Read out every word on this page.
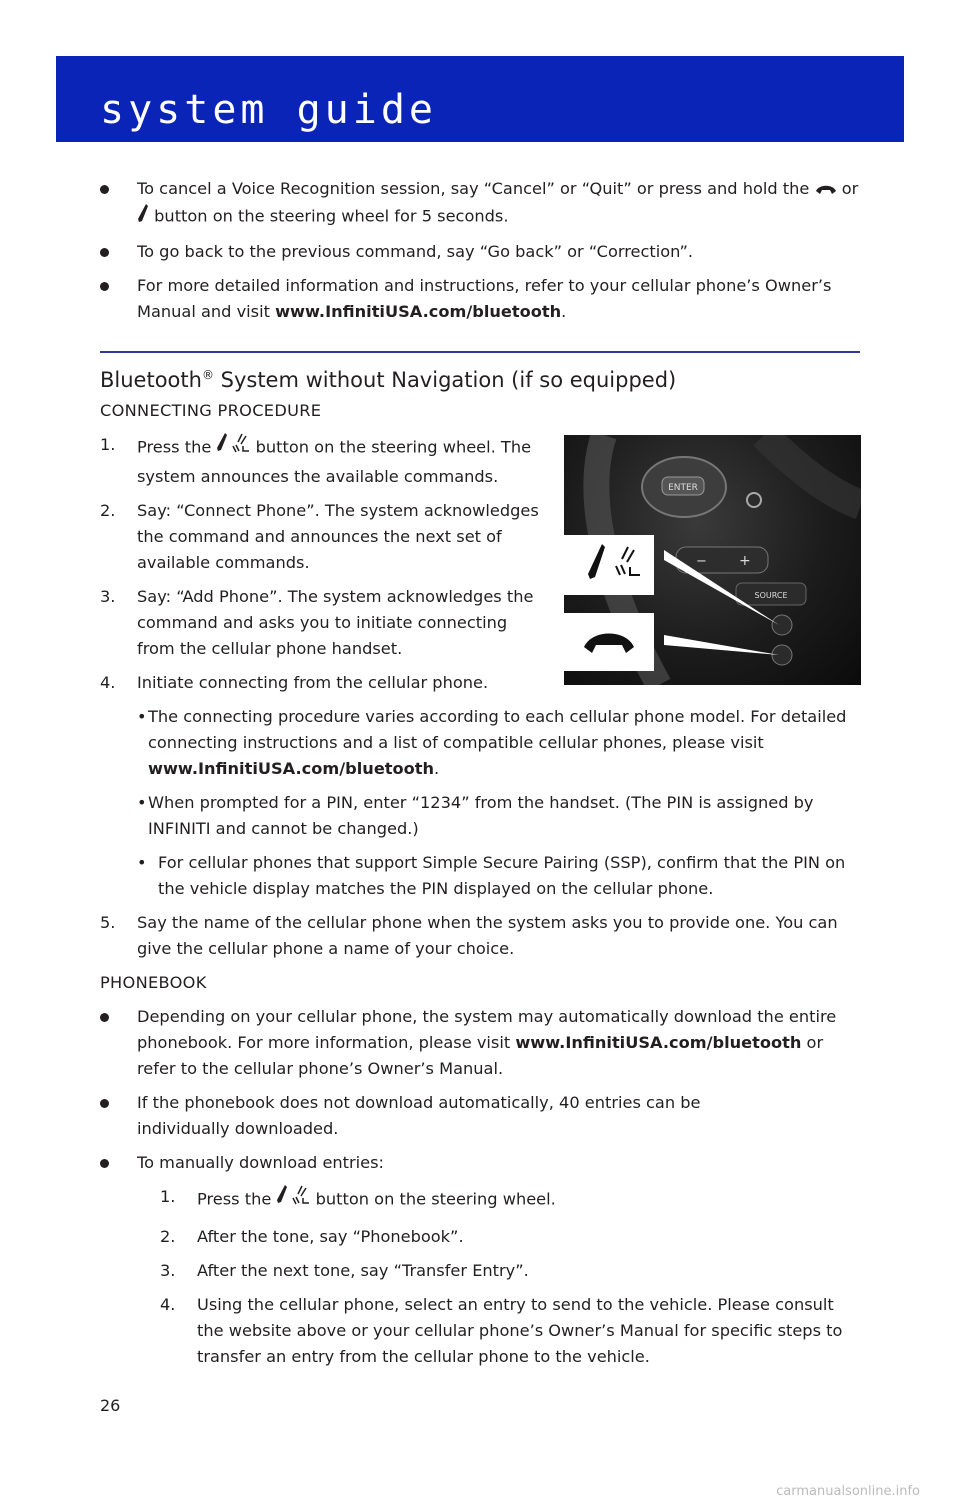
system guide
To cancel a Voice Recognition session, say “Cancel” or “Quit” or press and hold the or
button on the steering wheel for 5 seconds.
To go back to the previous command, say “Go back” or “Correction”.
For more detailed information and instructions, refer to your cellular phone’s Owner’s Manual and visit www.InfinitiUSA.com/bluetooth.
Bluetooth® System without Navigation (if so equipped)
CONNECTING PROCEDURE
1. Press the	button on the steering wheel. The system announces the available commands.
2. Say: “Connect Phone”. The system acknowledges the command and announces the next set of available commands.
3. Say: “Add Phone”. The system acknowledges the command and asks you to initiate connecting from the cellular phone handset.
4. Initiate connecting from the cellular phone.
• The connecting procedure varies according to each cellular phone model. For detailed connecting instructions and a list of compatible cellular phones, please visit www.InfinitiUSA.com/bluetooth.
• When prompted for a PIN, enter “1234” from the handset. (The PIN is assigned by INFINITI and cannot be changed.)
• For cellular phones that support Simple Secure Pairing (SSP), confirm that the PIN on the vehicle display matches the PIN displayed on the cellular phone.
5. Say the name of the cellular phone when the system asks you to provide one. You can give the cellular phone a name of your choice.
PHONEBOOK
Depending on your cellular phone, the system may automatically download the entire phonebook. For more information, please visit www.InfinitiUSA.com/bluetooth or refer to the cellular phone’s Owner’s Manual.
If the phonebook does not download automatically, 40 entries can be individually downloaded.
To manually download entries:
1. Press the	button on the steering wheel.
2. After the tone, say “Phonebook”.
3. After the next tone, say “Transfer Entry”.
4. Using the cellular phone, select an entry to send to the vehicle. Please consult the website above or your cellular phone’s Owner’s Manual for specific steps to transfer an entry from the cellular phone to the vehicle.
ENTER
− +
SOURCE
26
carmanualsonline.info
